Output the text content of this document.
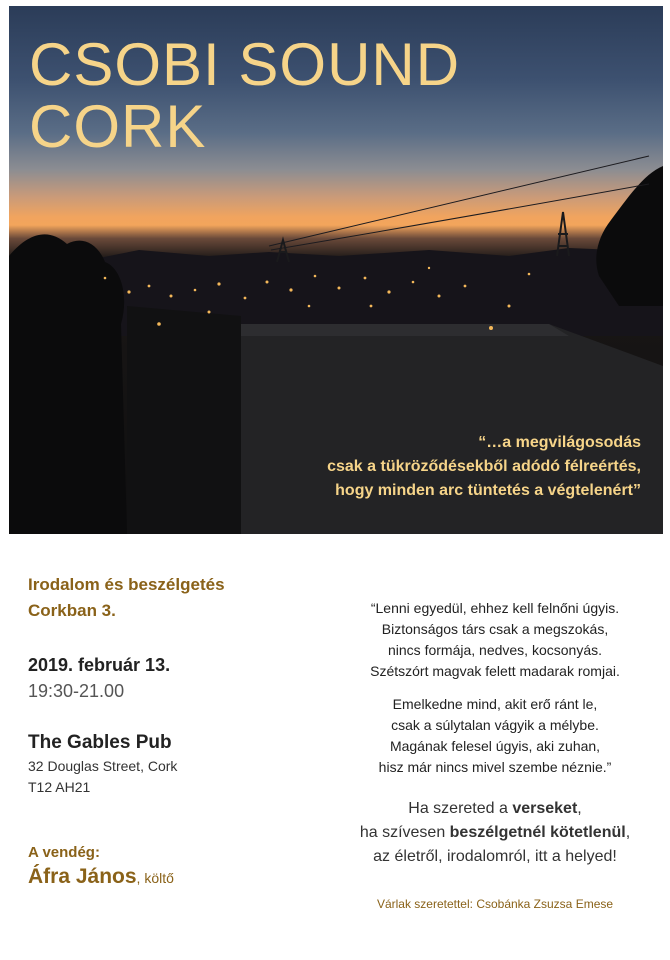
CSOBI SOUND
CORK
“…a megvilágosodás
csak a tükröződésekből adódó félreértés,
hogy minden arc tüntetés a végtelenért”
Irodalom és beszélgetés
Corkban 3.
2019. február 13.
19:30-21.00
The Gables Pub
32 Douglas Street, Cork
T12 AH21
A vendég:
Áfra János, költő
“Lenni egyedül, ehhez kell felnőni úgyis.
Biztonságos társ csak a megszokás,
nincs formája, nedves, kocsonyás.
Szétszórt magvak felett madarak romjai.
Emelkedne mind, akit erő ránt le,
csak a súlytalan vágyik a mélybe.
Magának felesel úgyis, aki zuhan,
hisz már nincs mivel szembe néznie.”
Ha szereted a verseket,
ha szívesen beszélgetnél kötetlenül,
az életről, irodalomról, itt a helyed!
Várlak szeretettel: Csobánka Zsuzsa Emese
